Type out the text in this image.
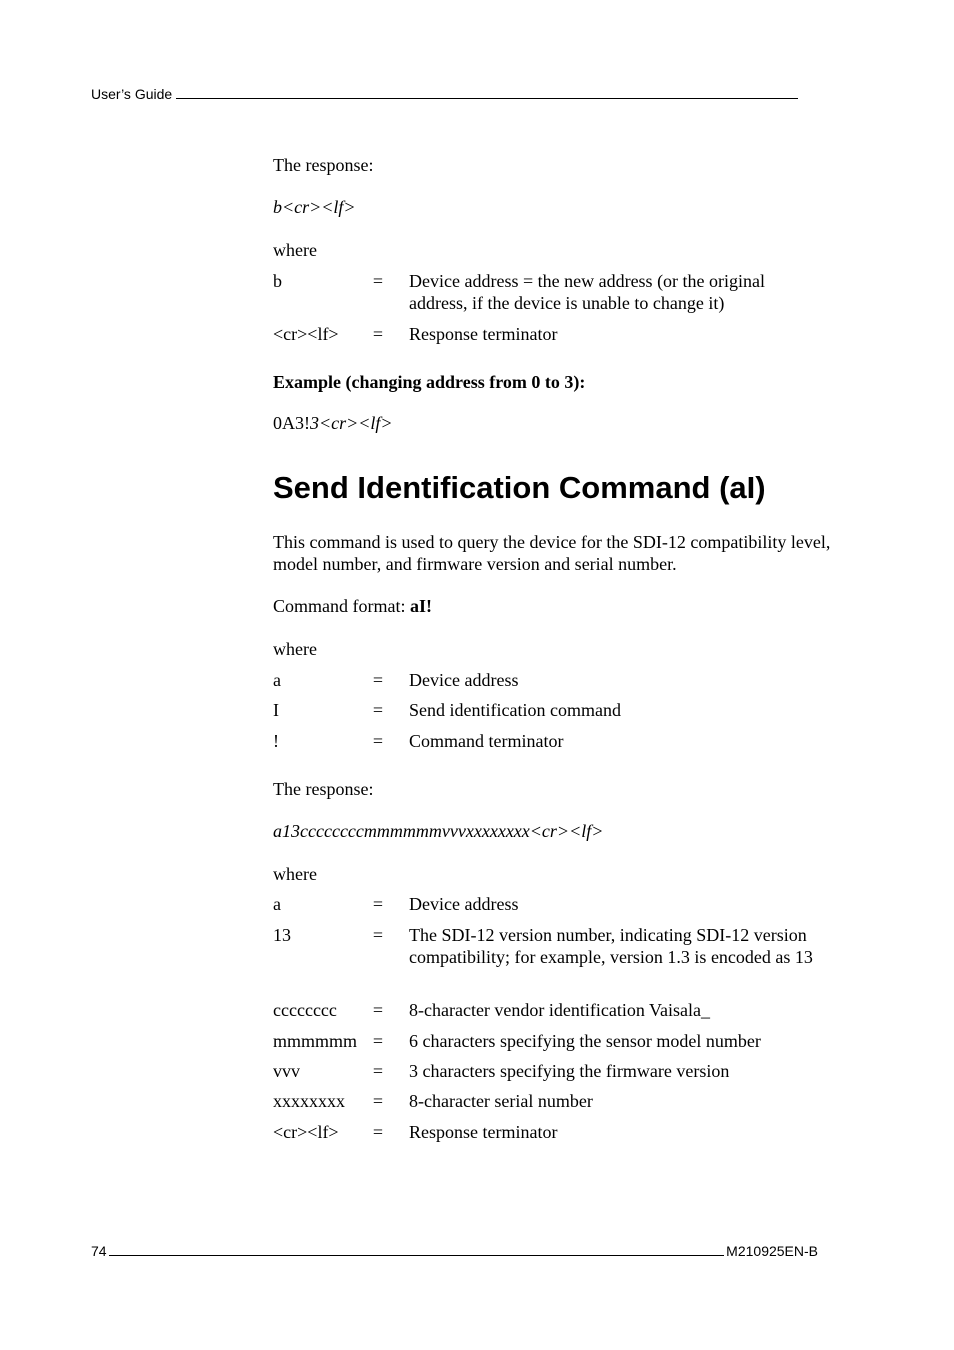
User’s Guide
The response:
b<cr><lf>
where
b	= Device address = the new address (or the original address, if the device is unable to change it)
<cr><lf>	= Response terminator
Example (changing address from 0 to 3):
0A3!3<cr><lf>
This command is used to query the device for the SDI-12 compatibility level, model number, and firmware version and serial number.
Command format: aI!
where
a	= Device address
I	= Send identification command
!	= Command terminator
The response:
a13ccccccccmmmmmmvvvxxxxxxxx<cr><lf>
where
a	= Device address
13	= The SDI-12 version number, indicating SDI-12 version compatibility; for example, version 1.3 is encoded as 13
cccccccc	= 8-character vendor identification Vaisala_
mmmmmm = 6 characters specifying the sensor model number
vvv	= 3 characters specifying the firmware version
xxxxxxxx	= 8-character serial number
<cr><lf>	= Response terminator
Send Identification Command (aI)
74	M210925EN-B
